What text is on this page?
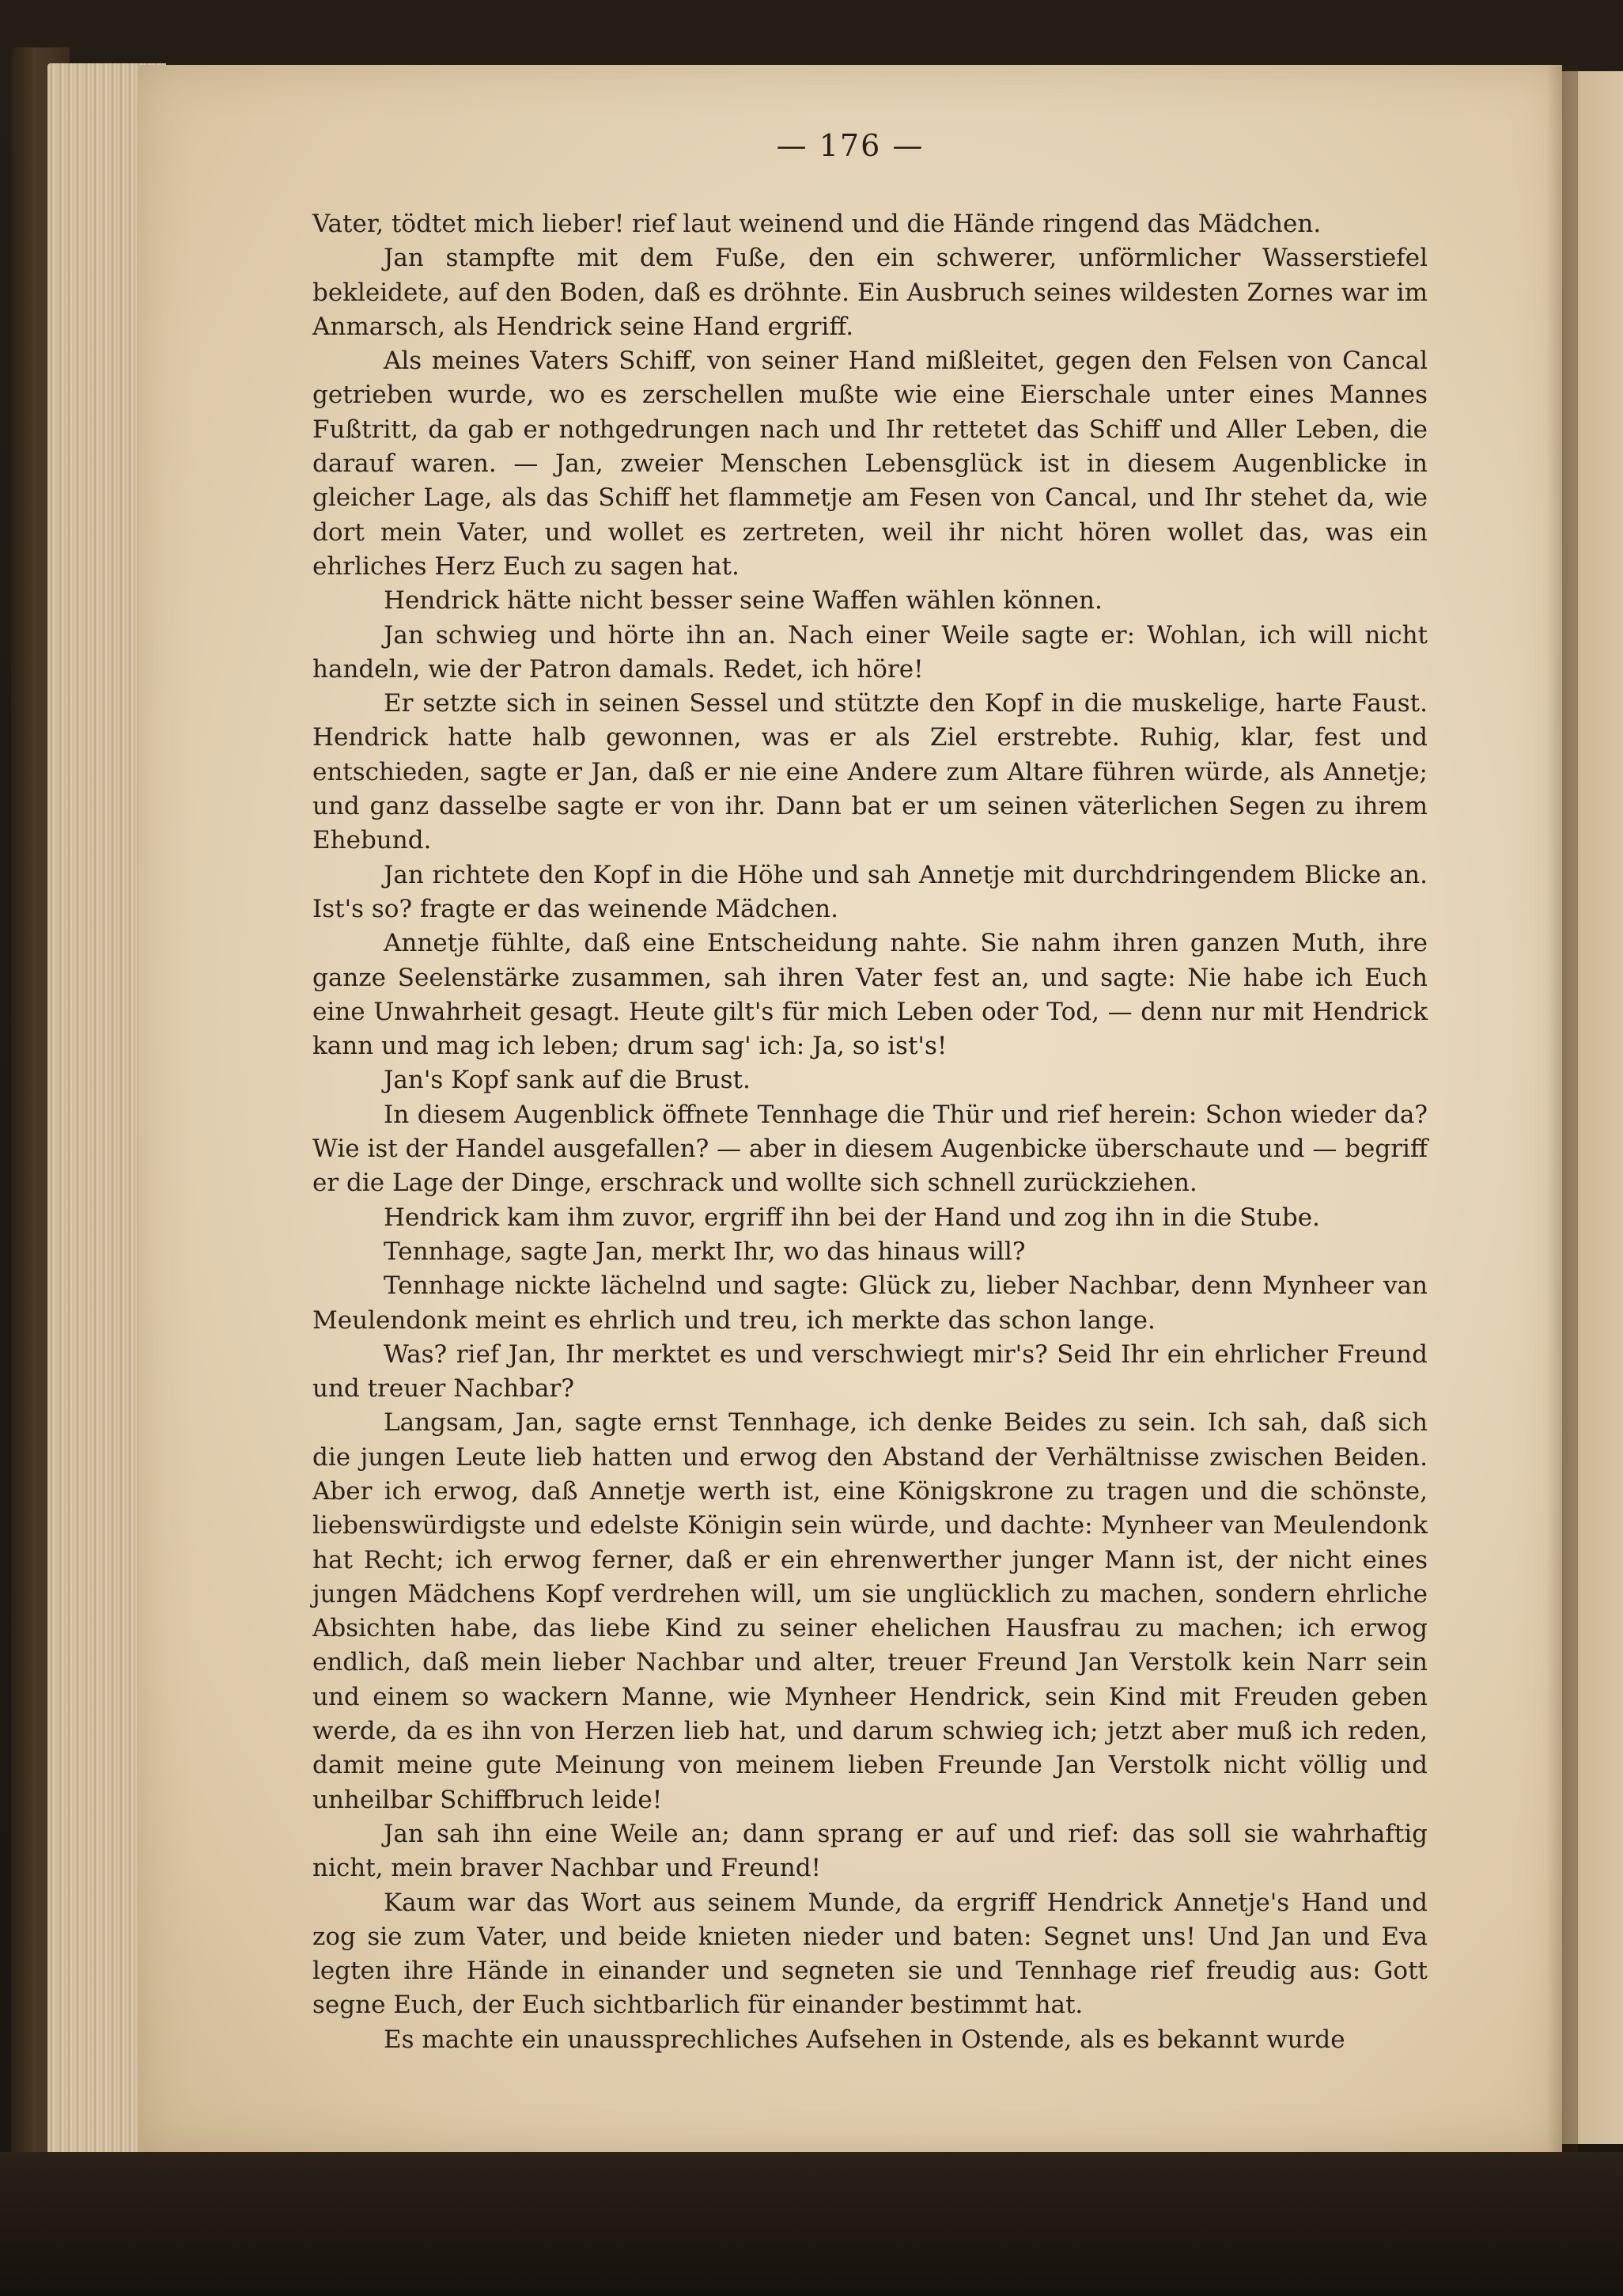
— 176 —

Vater, tödtet mich lieber! rief laut weinend und die Hände ringend das Mädchen.

Jan stampfte mit dem Fuße, den ein schwerer, unförmlicher Wasserstiefel bekleidete, auf den Boden, daß es dröhnte. Ein Ausbruch seines wildesten Zornes war im Anmarsch, als Hendrick seine Hand ergriff.

Als meines Vaters Schiff, von seiner Hand mißleitet, gegen den Felsen von Cancal getrieben wurde, wo es zerschellen mußte wie eine Eierschale unter eines Mannes Fußtritt, da gab er nothgedrungen nach und Ihr rettetet das Schiff und Aller Leben, die darauf waren. — Jan, zweier Menschen Lebensglück ist in diesem Augenblicke in gleicher Lage, als das Schiff het flammetje am Fesen von Cancal, und Ihr stehet da, wie dort mein Vater, und wollet es zertreten, weil ihr nicht hören wollet das, was ein ehrliches Herz Euch zu sagen hat.

Hendrick hätte nicht besser seine Waffen wählen können.

Jan schwieg und hörte ihn an. Nach einer Weile sagte er: Wohlan, ich will nicht handeln, wie der Patron damals. Redet, ich höre!

Er setzte sich in seinen Sessel und stützte den Kopf in die muskelige, harte Faust. Hendrick hatte halb gewonnen, was er als Ziel erstrebte. Ruhig, klar, fest und entschieden, sagte er Jan, daß er nie eine Andere zum Altare führen würde, als Annetje; und ganz dasselbe sagte er von ihr. Dann bat er um seinen väterlichen Segen zu ihrem Ehebund.

Jan richtete den Kopf in die Höhe und sah Annetje mit durchdringendem Blicke an. Ist's so? fragte er das weinende Mädchen.

Annetje fühlte, daß eine Entscheidung nahte. Sie nahm ihren ganzen Muth, ihre ganze Seelenstärke zusammen, sah ihren Vater fest an, und sagte: Nie habe ich Euch eine Unwahrheit gesagt. Heute gilt's für mich Leben oder Tod, — denn nur mit Hendrick kann und mag ich leben; drum sag' ich: Ja, so ist's!

Jan's Kopf sank auf die Brust.

In diesem Augenblick öffnete Tennhage die Thür und rief herein: Schon wieder da? Wie ist der Handel ausgefallen? — aber in diesem Augenbicke überschaute und — begriff er die Lage der Dinge, erschrack und wollte sich schnell zurückziehen.

Hendrick kam ihm zuvor, ergriff ihn bei der Hand und zog ihn in die Stube.

Tennhage, sagte Jan, merkt Ihr, wo das hinaus will?

Tennhage nickte lächelnd und sagte: Glück zu, lieber Nachbar, denn Mynheer van Meulendonk meint es ehrlich und treu, ich merkte das schon lange.

Was? rief Jan, Ihr merktet es und verschwiegt mir's? Seid Ihr ein ehrlicher Freund und treuer Nachbar?

Langsam, Jan, sagte ernst Tennhage, ich denke Beides zu sein. Ich sah, daß sich die jungen Leute lieb hatten und erwog den Abstand der Verhältnisse zwischen Beiden. Aber ich erwog, daß Annetje werth ist, eine Königskrone zu tragen und die schönste, liebenswürdigste und edelste Königin sein würde, und dachte: Mynheer van Meulendonk hat Recht; ich erwog ferner, daß er ein ehrenwerther junger Mann ist, der nicht eines jungen Mädchens Kopf verdrehen will, um sie unglücklich zu machen, sondern ehrliche Absichten habe, das liebe Kind zu seiner ehelichen Hausfrau zu machen; ich erwog endlich, daß mein lieber Nachbar und alter, treuer Freund Jan Verstolk kein Narr sein und einem so wackern Manne, wie Mynheer Hendrick, sein Kind mit Freuden geben werde, da es ihn von Herzen lieb hat, und darum schwieg ich; jetzt aber muß ich reden, damit meine gute Meinung von meinem lieben Freunde Jan Verstolk nicht völlig und unheilbar Schiffbruch leide!

Jan sah ihn eine Weile an; dann sprang er auf und rief: das soll sie wahrhaftig nicht, mein braver Nachbar und Freund!

Kaum war das Wort aus seinem Munde, da ergriff Hendrick Annetje's Hand und zog sie zum Vater, und beide knieten nieder und baten: Segnet uns! Und Jan und Eva legten ihre Hände in einander und segneten sie und Tennhage rief freudig aus: Gott segne Euch, der Euch sichtbarlich für einander bestimmt hat.

Es machte ein unaussprechliches Aufsehen in Ostende, als es bekannt wurde
